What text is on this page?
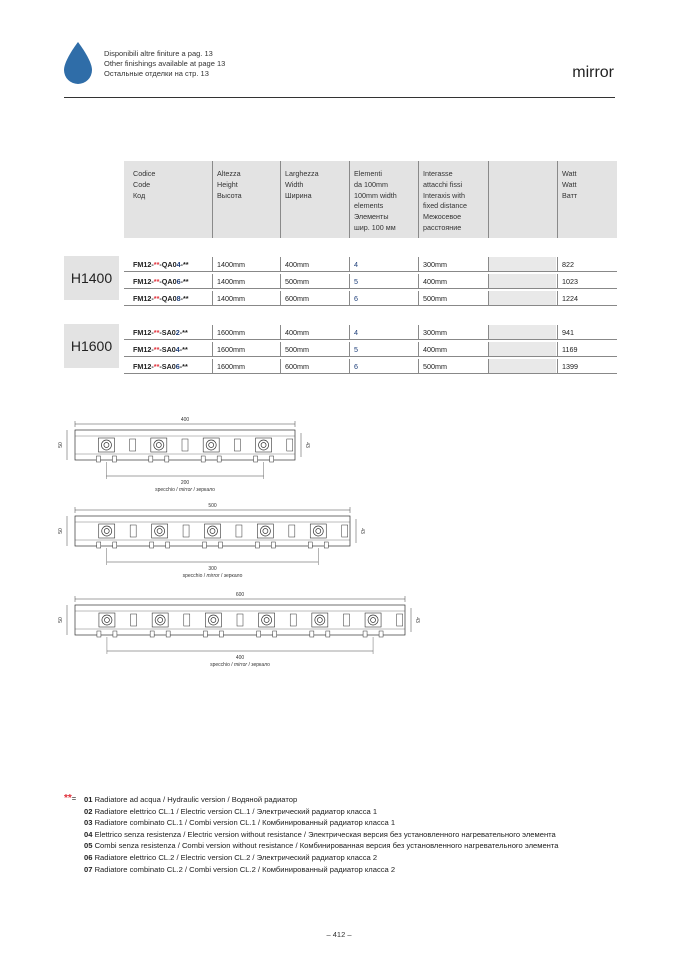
Disponibili altre finiture a pag. 13
Other finishings available at page 13
Остальные отделки на стр. 13	mirror
Codice
Code
Код
Altezza
Height
Высота
Larghezza
Width
Ширина
Elementi
da 100mm
100mm width
elements
Элементы
шир. 100 мм
Interasse
attacchi fissi
Interaxis with
fixed distance
Межосевое
расстояние
Watt
Watt
Ватт
H1400
H1600
FM12-**-QA04-**	1400mm	400mm	4	300mm	822
FM12-**-QA06-**	1400mm	500mm	5	400mm	1023
FM12-**-QA08-**	1400mm	600mm	6	500mm	1224
FM12-**-SA02-**	1600mm	400mm	4	300mm	941
FM12-**-SA04-**	1600mm	500mm	5	400mm	1169
FM12-**-SA06-**	1600mm	600mm	6	500mm	1399
400
50	43
200
specchio / mirror / зеркало
500
50	43
300
specchio / mirror / зеркало
600
50	43
400
specchio / mirror / зеркало
**= 01 Radiatore ad acqua / Hydraulic version / Водяной радиатор
02 Radiatore elettrico CL.1 / Electric version CL.1 / Электрический радиатор класса 1
03 Radiatore combinato CL.1 / Combi version CL.1 / Комбинированный радиатор класса 1
04 Elettrico senza resistenza / Electric version without resistance / Электрическая версия без установленного нагревательного элемента
05 Combi senza resistenza / Combi version without resistance / Комбинированная версия без установленного нагревательного элемента
06 Radiatore elettrico CL.2 / Electric version CL.2 / Электрический радиатор класса 2
07 Radiatore combinato CL.2 / Combi version CL.2 / Комбинированный радиатор класса 2
– 412 –
